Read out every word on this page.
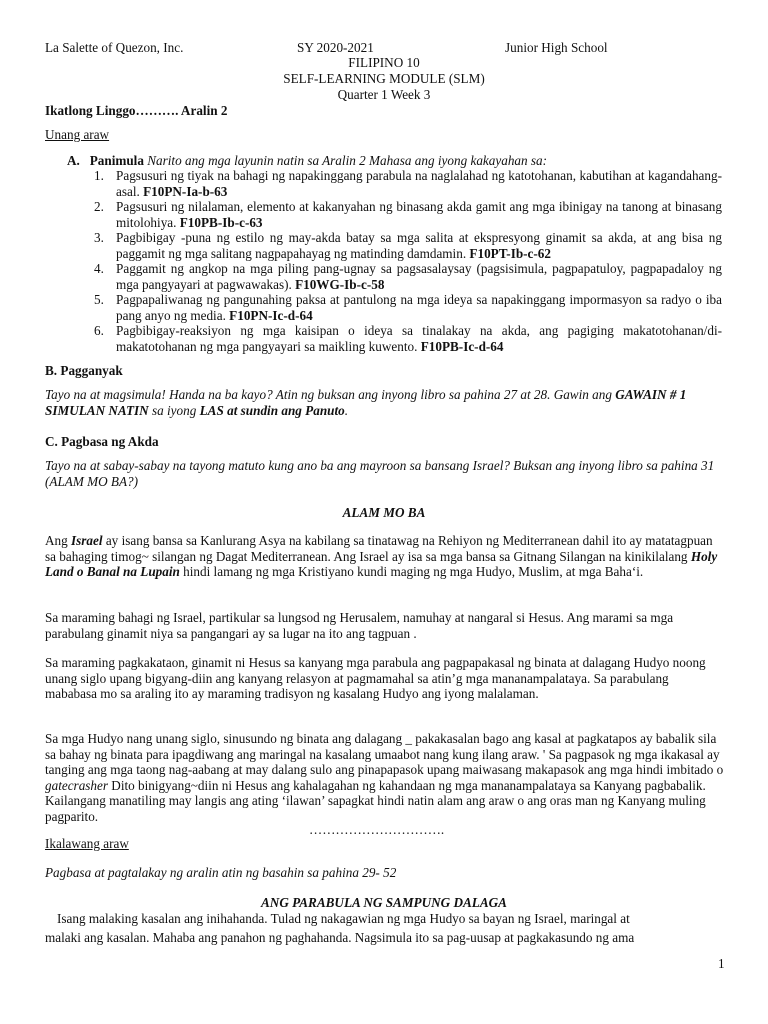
La Salette of Quezon, Inc.	SY 2020-2021	Junior High School
FILIPINO 10
SELF-LEARNING MODULE (SLM)
Quarter 1 Week 3
Ikatlong Linggo………. Aralin 2
Unang araw
A. Panimula Narito ang mga layunin natin sa Aralin 2 Mahasa ang iyong kakayahan sa:
1. Pagsusuri ng tiyak na bahagi ng napakinggang parabula na naglalahad ng katotohanan, kabutihan at kagandahang-asal. F10PN-Ia-b-63
2. Pagsusuri ng nilalaman, elemento at kakanyahan ng binasang akda gamit ang mga ibinigay na tanong at binasang mitolohiya. F10PB-Ib-c-63
3. Pagbibigay -puna ng estilo ng may-akda batay sa mga salita at ekspresyong ginamit sa akda, at ang bisa ng paggamit ng mga salitang nagpapahayag ng matinding damdamin. F10PT-Ib-c-62
4. Paggamit ng angkop na mga piling pang-ugnay sa pagsasalaysay (pagsisimula, pagpapatuloy, pagpapadaloy ng mga pangyayari at pagwawakas). F10WG-Ib-c-58
5. Pagpapaliwanag ng pangunahing paksa at pantulong na mga ideya sa napakinggang impormasyon sa radyo o iba pang anyo ng media. F10PN-Ic-d-64
6. Pagbibigay-reaksiyon ng mga kaisipan o ideya sa tinalakay na akda, ang pagiging makatotohanan/di-makatotohanan ng mga pangyayari sa maikling kuwento. F10PB-Ic-d-64
B. Pagganyak
Tayo na at magsimula! Handa na ba kayo? Atin ng buksan ang inyong libro sa pahina 27 at 28. Gawin ang GAWAIN # 1 SIMULAN NATIN sa iyong LAS at sundin ang Panuto.
C. Pagbasa ng Akda
Tayo na at sabay-sabay na tayong matuto kung ano ba ang mayroon sa bansang Israel? Buksan ang inyong libro sa pahina 31 (ALAM MO BA?)
ALAM MO BA
Ang Israel ay isang bansa sa Kanlurang Asya na kabilang sa tinatawag na Rehiyon ng Mediterranean dahil ito ay matatagpuan sa bahaging timog~ silangan ng Dagat Mediterranean. Ang Israel ay isa sa mga bansa sa Gitnang Silangan na kinikilalang Holy Land o Banal na Lupain hindi lamang ng mga Kristiyano kundi maging ng mga Hudyo, Muslim, at mga Baha‘i.
Sa maraming bahagi ng Israel, partikular sa lungsod ng Herusalem, namuhay at nangaral si Hesus. Ang marami sa mga parabulang ginamit niya sa pangangari ay sa lugar na ito ang tagpuan .
Sa maraming pagkakataon, ginamit ni Hesus sa kanyang mga parabula ang pagpapakasal ng binata at dalagang Hudyo noong unang siglo upang bigyang-diin ang kanyang relasyon at pagmamahal sa atin’g mga mananampalataya. Sa parabulang mababasa mo sa araling ito ay maraming tradisyon ng kasalang Hudyo ang iyong malalaman.
Sa mga Hudyo nang unang siglo, sinusundo ng binata ang dalagang _ pakakasalan bago ang kasal at pagkatapos ay babalik sila sa bahay ng binata para ipagdiwang ang maringal na kasalang umaabot nang kung ilang araw. ' Sa pagpasok ng mga ikakasal ay tanging ang mga taong nag-aabang at may dalang sulo ang pinapapasok upang maiwasang makapasok ang mga hindi imbitado o gatecrasher Dito binigyang~diin ni Hesus ang kahalagahan ng kahandaan ng mga mananampalataya sa Kanyang pagbabalik. Kailangang manatiling may langis ang ating ‘ilawan’ sapagkat hindi natin alam ang araw o ang oras man ng Kanyang muling pagparito.
………………………….
Ikalawang araw
Pagbasa at pagtalakay ng aralin atin ng basahin sa pahina 29- 52
ANG PARABULA NG SAMPUNG DALAGA
Isang malaking kasalan ang inihahanda. Tulad ng nakagawian ng mga Hudyo sa bayan ng Israel, maringal at
malaki ang kasalan. Mahaba ang panahon ng paghahanda. Nagsimula ito sa pag-uusap at pagkakasundo ng ama
1
